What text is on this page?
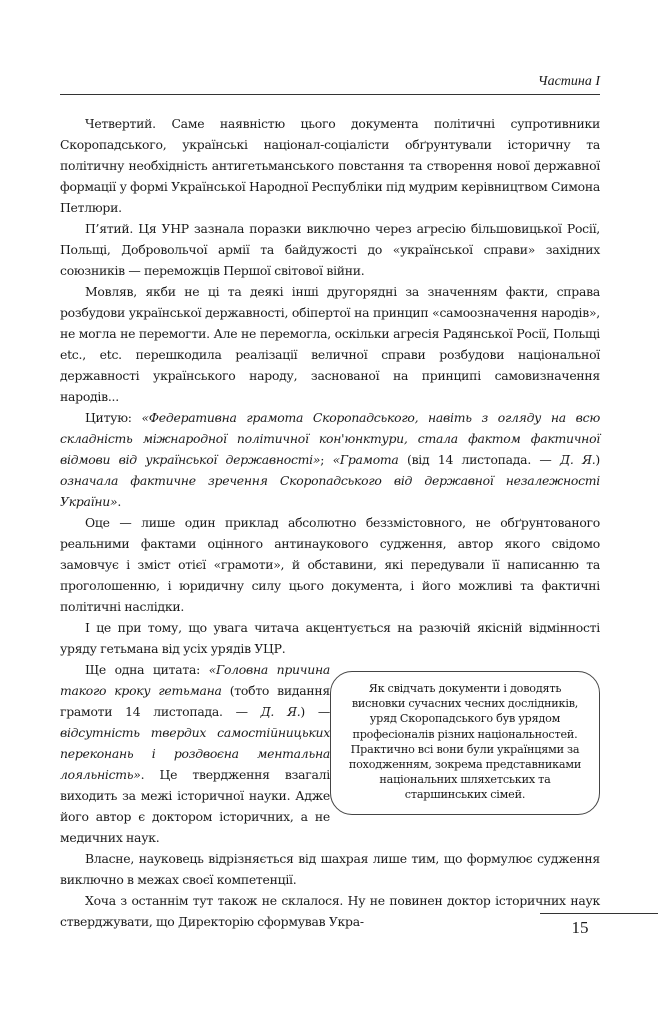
Частина І

Четвертий. Саме наявністю цього документа політичні супротивники Скоропадського, українські націонал-соціалісти обґрунтували історичну та політичну необхідність антигетьманського повстання та створення нової державної формації у формі Української Народної Республіки під мудрим керівництвом Симона Петлюри.

П’ятий. Ця УНР зазнала поразки виключно через агресію більшовицької Росії, Польщі, Добровольчої армії та байдужості до «української справи» західних союзників — переможців Першої світової війни.

Мовляв, якби не ці та деякі інші другорядні за значенням факти, справа розбудови української державності, обіпертої на принцип «самоозначення народів», не могла не перемогти. Але не перемогла, оскільки агресія Радянської Росії, Польщі etc., etc. перешкодила реалізації величної справи розбудови національної державності українського народу, заснованої на принципі самовизначення народів...

Цитую: «Федеративна грамота Скоропадського, навіть з огляду на всю складність міжнародної політичної кон'юнктури, стала фактом фактичної відмови від української державності»; «Грамота (від 14 листопада. — Д. Я.) означала фактичне зречення Скоропадського від державної незалежності України».

Оце — лише один приклад абсолютно беззмістовного, не обґрунтованого реальними фактами оцінного антинаукового судження, автор якого свідомо замовчує і зміст отієї «грамоти», й обставини, які передували її написанню та проголошенню, і юридичну силу цього документа, і його можливі та фактичні політичні наслідки.

І це при тому, що увага читача акцентується на разючій якісній відмінності уряду гетьмана від усіх урядів УЦР.

Як свідчать документи і доводять висновки сучасних чесних дослідників, уряд Скоропадського був урядом професіоналів різних національностей. Практично всі вони були українцями за походженням, зокрема представниками національних шляхетських та старшинських сімей.

Ще одна цитата: «Головна причина такого кроку гетьмана (тобто видання грамоти 14 листопада. — Д. Я.) — відсутність твердих самостійницьких переконань і роздвоєна ментальна лояльність». Це твердження взагалі виходить за межі історичної науки. Адже його автор є доктором історичних, а не медичних наук.

Власне, науковець відрізняється від шахрая лише тим, що формулює судження виключно в межах своєї компетенції.

Хоча з останнім тут також не склалося. Ну не повинен доктор історичних наук стверджувати, що Директорію сформував Укра-	15
